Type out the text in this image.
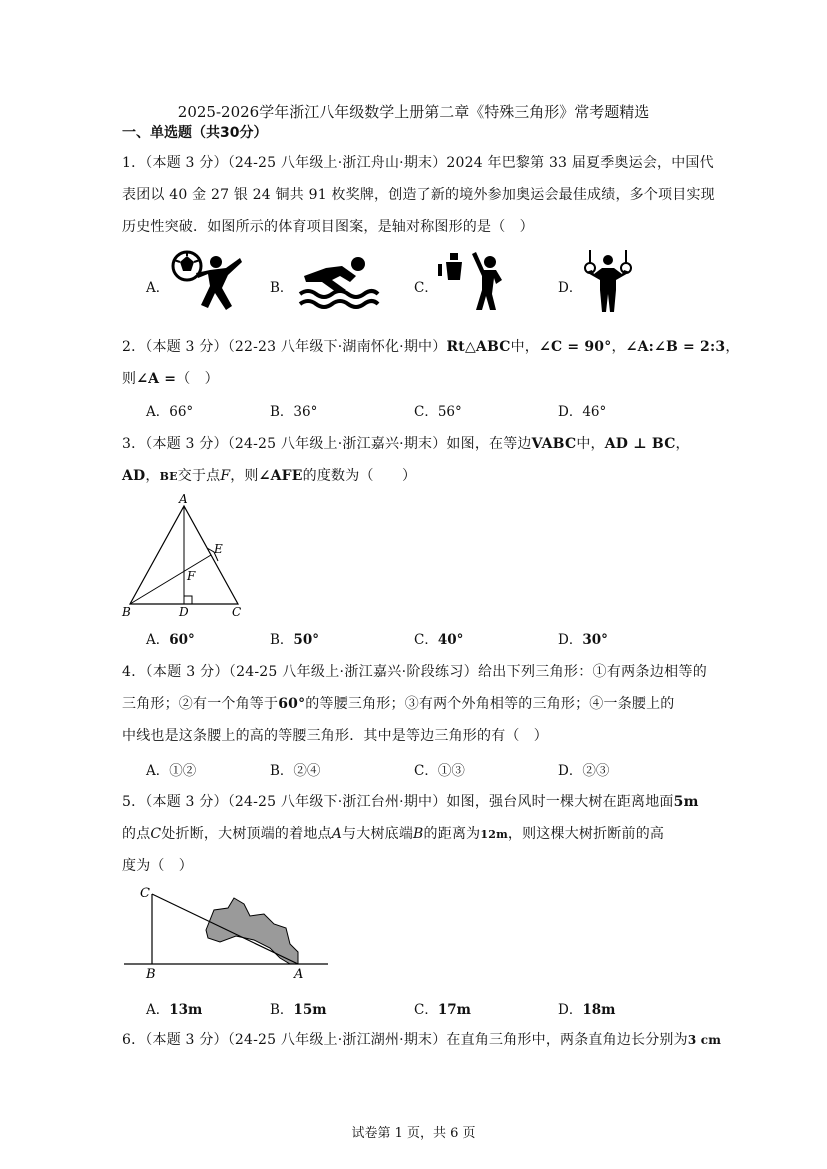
2025-2026学年浙江八年级数学上册第二章《特殊三角形》常考题精选
一、单选题（共30分）
1．（本题 3 分）（24-25 八年级上·浙江舟山·期末）2024 年巴黎第 33 届夏季奥运会，中国代
表团以 40 金 27 银 24 铜共 91 枚奖牌，创造了新的境外参加奥运会最佳成绩，多个项目实现
历史性突破．如图所示的体育项目图案，是轴对称图形的是（　）
A．	B．	C．	D．
2．（本题 3 分）（22-23 八年级下·湖南怀化·期中）Rt△ABC中，∠C = 90°，∠A:∠B = 2:3，
则∠A =（　）
A．66°	B．36°	C．56°	D．46°
3．（本题 3 分）（24-25 八年级上·浙江嘉兴·期末）如图，在等边VABC中，AD ⊥ BC，
AD，BE交于点F，则∠AFE的度数为（　　）
A
B	C
D
E
F
A．60°	B．50°	C．40°	D．30°
4．（本题 3 分）（24-25 八年级上·浙江嘉兴·阶段练习）给出下列三角形：①有两条边相等的
三角形；②有一个角等于60°的等腰三角形；③有两个外角相等的三角形；④一条腰上的
中线也是这条腰上的高的等腰三角形．其中是等边三角形的有（　）
A．①②	B．②④	C．①③	D．②③
5．（本题 3 分）（24-25 八年级下·浙江台州·期中）如图，强台风时一棵大树在距离地面5m
的点C处折断，大树顶端的着地点A与大树底端B的距离为12m，则这棵大树折断前的高
度为（　）
C
B	A
A．13m	B．15m	C．17m	D．18m
6．（本题 3 分）（24-25 八年级上·浙江湖州·期末）在直角三角形中，两条直角边长分别为3 cm
试卷第 1 页，共 6 页
